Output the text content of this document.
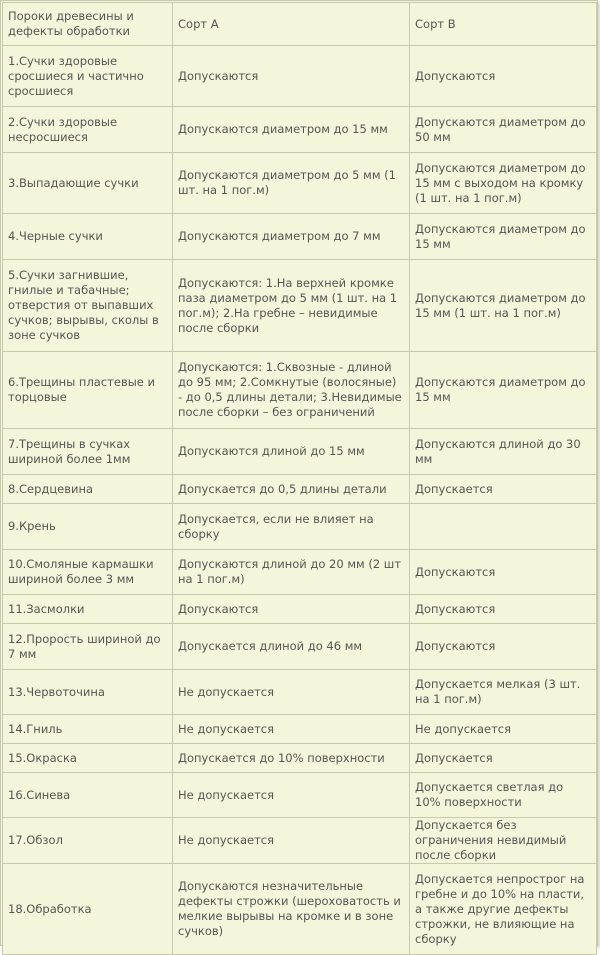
Пороки древесины и дефекты обработки	Сорт А	Сорт В
1.Сучки здоровые сросшиеся и частично сросшиеся	Допускаются	Допускаются
2.Сучки здоровые несросшиеся	Допускаются диаметром до 15 мм	Допускаются диаметром до 50 мм
3.Выпадающие сучки	Допускаются диаметром до 5 мм (1 шт. на 1 пог.м)	Допускаются диаметром до 15 мм с выходом на кромку (1 шт. на 1 пог.м)
4.Черные сучки	Допускаются диаметром до 7 мм	Допускаются диаметром до 15 мм
5.Сучки загнившие, гнилые и табачные; отверстия от выпавших сучков; вырывы, сколы в зоне сучков	Допускаются: 1.На верхней кромке паза диаметром до 5 мм (1 шт. на 1 пог.м); 2.На гребне – невидимые после сборки	Допускаются диаметром до 15 мм (1 шт. на 1 пог.м)
6.Трещины пластевые и торцовые	Допускаются: 1.Сквозные - длиной до 95 мм; 2.Сомкнутые (волосяные) - до 0,5 длины детали; 3.Невидимые после сборки – без ограничений	Допускаются диаметром до 15 мм
7.Трещины в сучках шириной более 1мм	Допускаются длиной до 15 мм	Допускаются длиной до 30 мм
8.Сердцевина	Допускается до 0,5 длины детали	Допускается
9.Крень	Допускается, если не влияет на сборку	
10.Смоляные кармашки шириной более 3 мм	Допускаются длиной до 20 мм (2 шт на 1 пог.м)	Допускаются
11.Засмолки	Допускаются	Допускаются
12.Прорость шириной до 7 мм	Допускается длиной до 46 мм	Допускаются
13.Червоточина	Не допускается	Допускается мелкая (3 шт. на 1 пог.м)
14.Гниль	Не допускается	Не допускается
15.Окраска	Допускается до 10% поверхности	Допускается
16.Синева	Не допускается	Допускается светлая до 10% поверхности
17.Обзол	Не допускается	Допускается без ограничения невидимый после сборки
18.Обработка	Допускаются незначительные дефекты строжки (шероховатость и мелкие вырывы на кромке и в зоне сучков)	Допускается непрострог на гребне и до 10% на пласти, а также другие дефекты строжки, не влияющие на сборку
